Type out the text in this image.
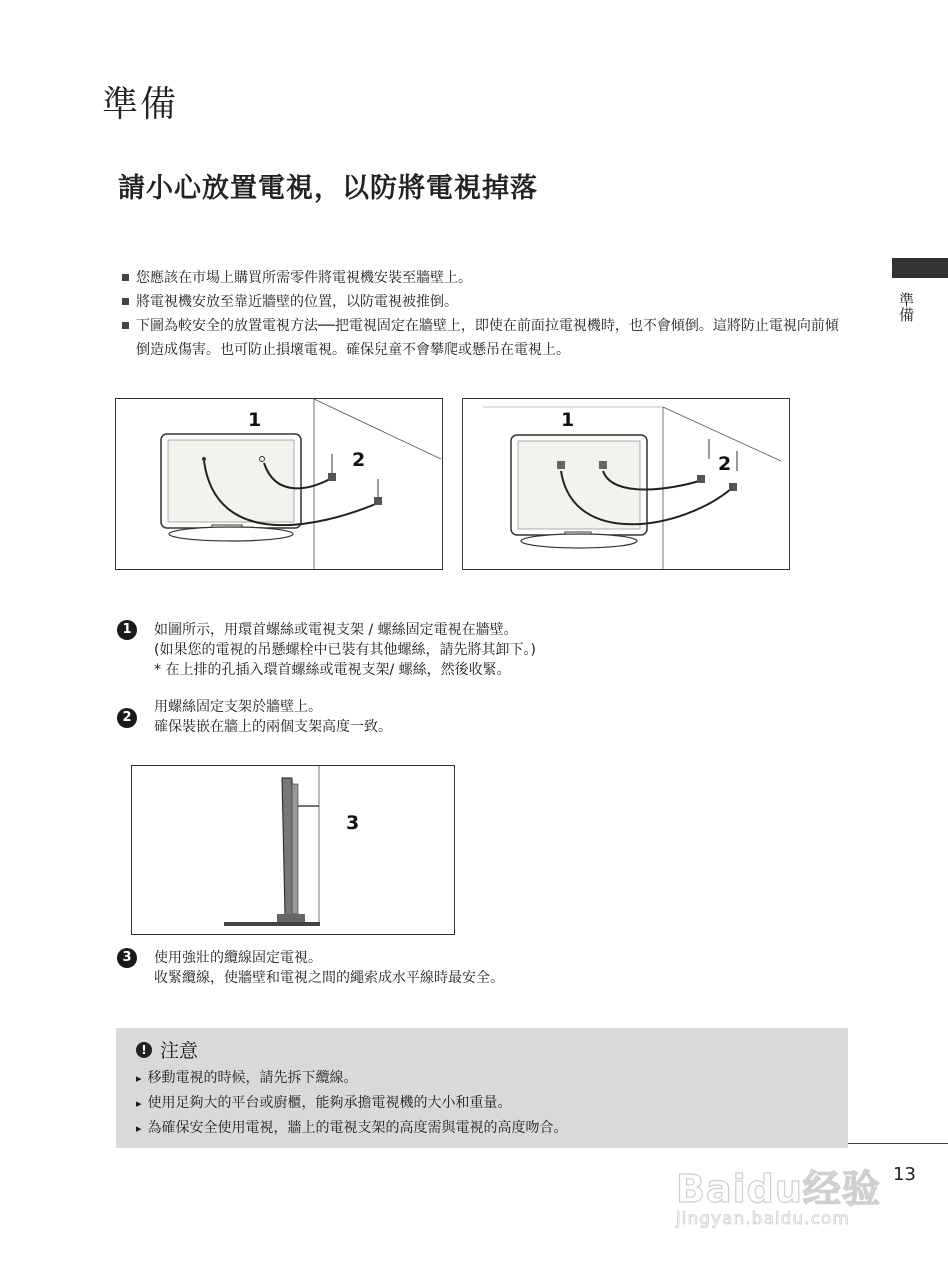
準備
準備
請小心放置電視，以防將電視掉落
您應該在市場上購買所需零件將電視機安裝至牆壁上。
將電視機安放至靠近牆壁的位置，以防電視被推倒。
下圖為較安全的放置電視方法──把電視固定在牆壁上，即使在前面拉電視機時，也不會傾倒。這將防止電視向前傾倒造成傷害。也可防止損壞電視。確保兒童不會攀爬或懸吊在電視上。
1
2
1
2
1	如圖所示，用環首螺絲或電視支架 / 螺絲固定電視在牆壁。
(如果您的電視的吊懸螺栓中已裝有其他螺絲，請先將其卸下。)
* 在上排的孔插入環首螺絲或電視支架/ 螺絲，然後收緊。
2
用螺絲固定支架於牆壁上。
確保裝嵌在牆上的兩個支架高度一致。
3
3	使用強壯的纜線固定電視。
收緊纜線，使牆壁和電視之間的繩索成水平線時最安全。
! 注意
▸ 移動電視的時候，請先拆下纜線。
▸ 使用足夠大的平台或廚櫃，能夠承擔電視機的大小和重量。
▸ 為確保安全使用電視，牆上的電視支架的高度需與電視的高度吻合。
13
Baidu经验
jingyan.baidu.com
